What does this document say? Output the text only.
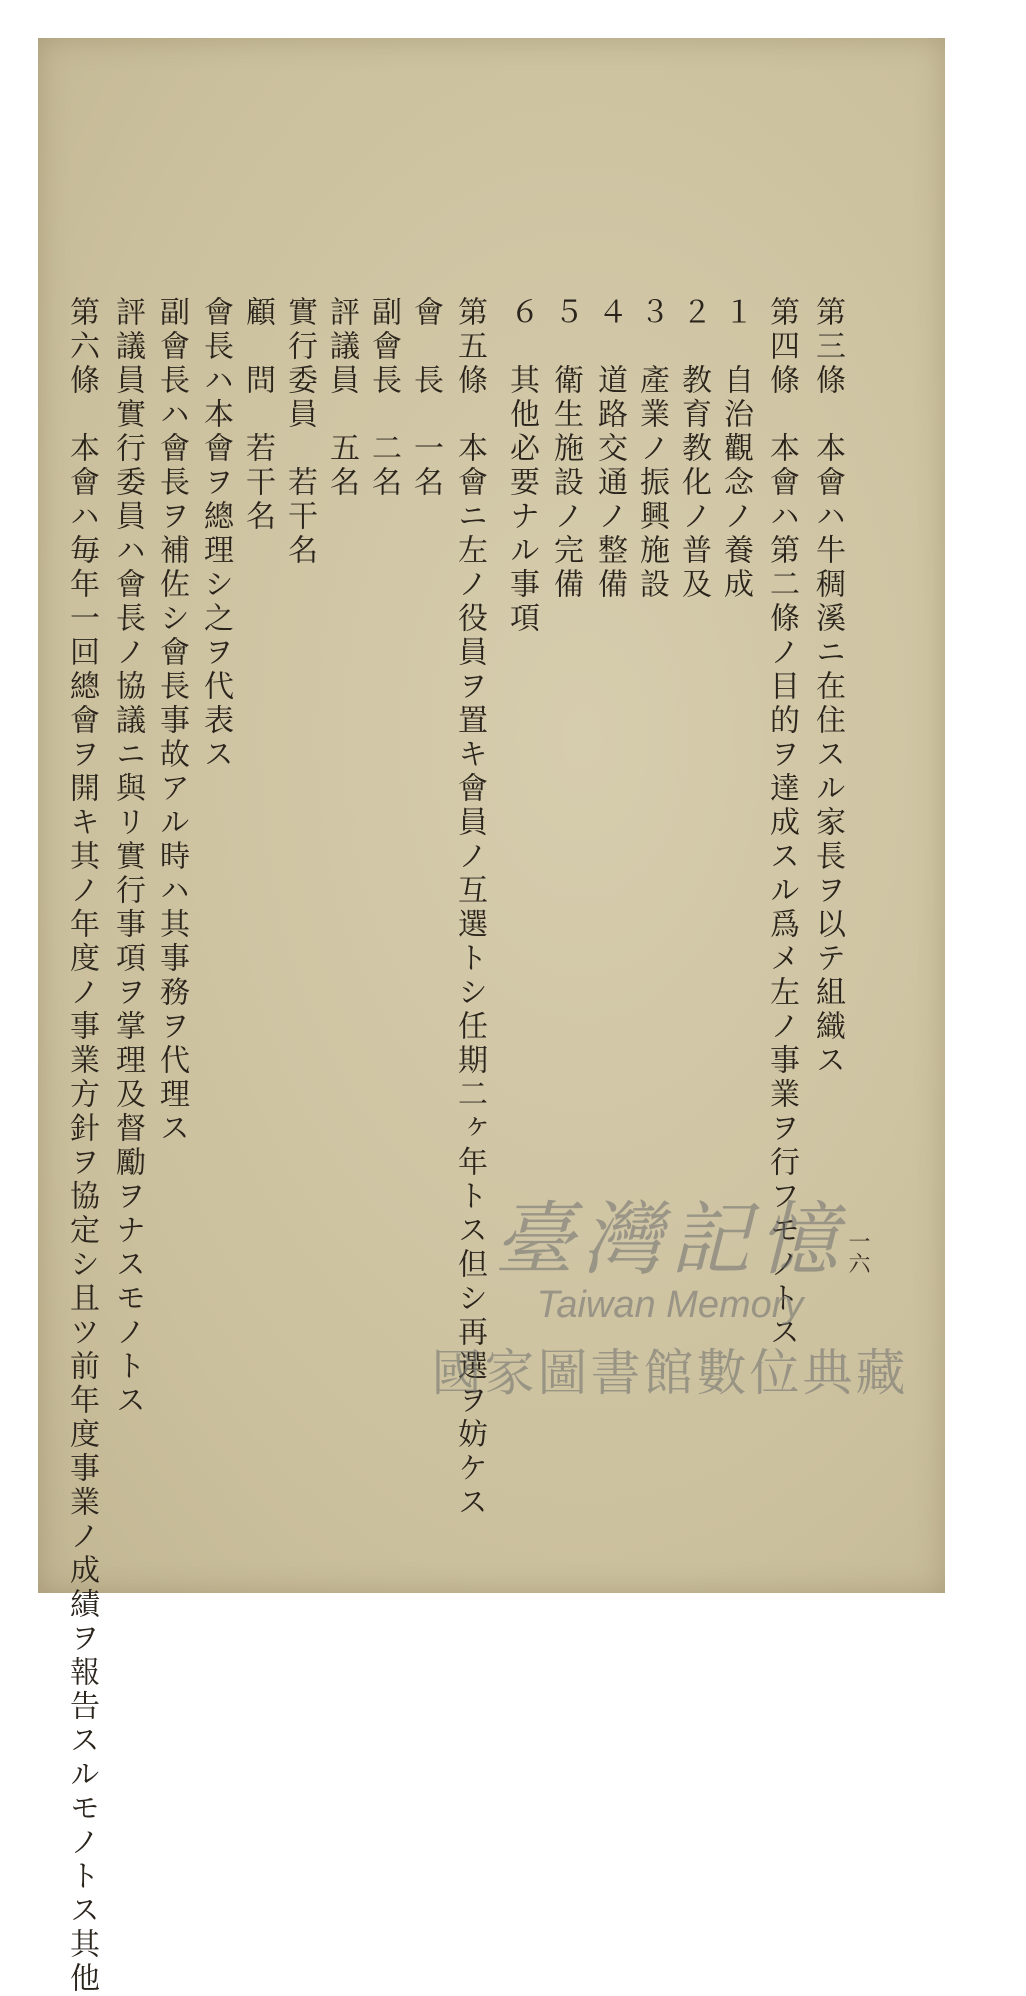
第三條　本會ハ牛稠溪ニ在住スル家長ヲ以テ組織ス
第四條　本會ハ第二條ノ目的ヲ達成スル爲メ左ノ事業ヲ行フモノトス
１　自治觀念ノ養成
２　教育教化ノ普及
３　產業ノ振興施設
４　道路交通ノ整備
５　衛生施設ノ完備
６　其他必要ナル事項
第五條　本會ニ左ノ役員ヲ置キ會員ノ互選トシ任期二ヶ年トス但シ再選ヲ妨ケス
會　長　一名
副會長　二名
評議員　五名
實行委員　若干名
顧　問　若干名
會長ハ本會ヲ總理シ之ヲ代表ス
副會長ハ會長ヲ補佐シ會長事故アル時ハ其事務ヲ代理ス
評議員實行委員ハ會長ノ協議ニ與リ實行事項ヲ掌理及督勵ヲナスモノトス
第六條　本會ハ毎年一回總會ヲ開キ其ノ年度ノ事業方針ヲ協定シ且ツ前年度事業ノ成績ヲ報告スルモノトス其他	一六
臺灣記憶
Taiwan Memory
國家圖書館數位典藏
